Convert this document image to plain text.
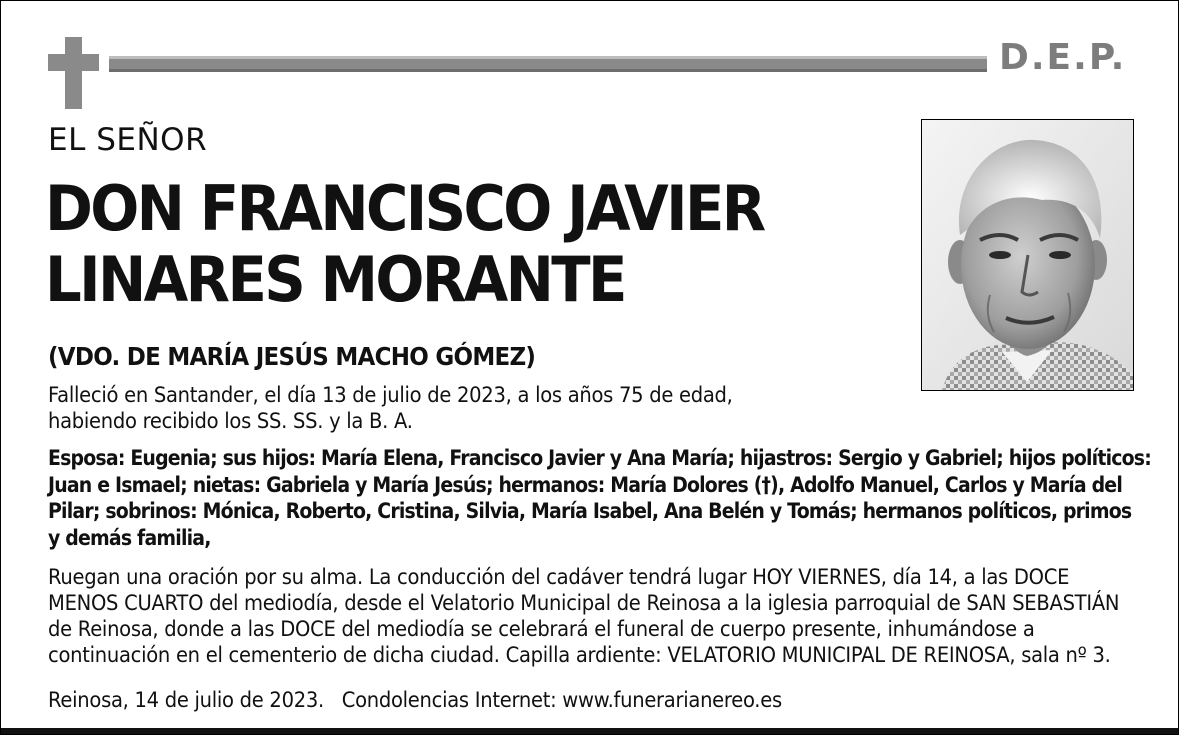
D.E.P.
EL SEÑOR
DON FRANCISCO JAVIER
LINARES MORANTE
(VDO. DE MARÍA JESÚS MACHO GÓMEZ)
Falleció en Santander, el día 13 de julio de 2023, a los años 75 de edad,
habiendo recibido los SS. SS. y la B. A.
Esposa: Eugenia; sus hijos: María Elena, Francisco Javier y Ana María; hijastros: Sergio y Gabriel; hijos políticos:
Juan e Ismael; nietas: Gabriela y María Jesús; hermanos: María Dolores (†), Adolfo Manuel, Carlos y María del
Pilar; sobrinos: Mónica, Roberto, Cristina, Silvia, María Isabel, Ana Belén y Tomás; hermanos políticos, primos
y demás familia,
Ruegan una oración por su alma. La conducción del cadáver tendrá lugar HOY VIERNES, día 14, a las DOCE
MENOS CUARTO del mediodía, desde el Velatorio Municipal de Reinosa a la iglesia parroquial de SAN SEBASTIÁN
de Reinosa, donde a las DOCE del mediodía se celebrará el funeral de cuerpo presente, inhumándose a
continuación en el cementerio de dicha ciudad. Capilla ardiente: VELATORIO MUNICIPAL DE REINOSA, sala nº 3.
Reinosa, 14 de julio de 2023.   Condolencias Internet: www.funerarianereo.es
